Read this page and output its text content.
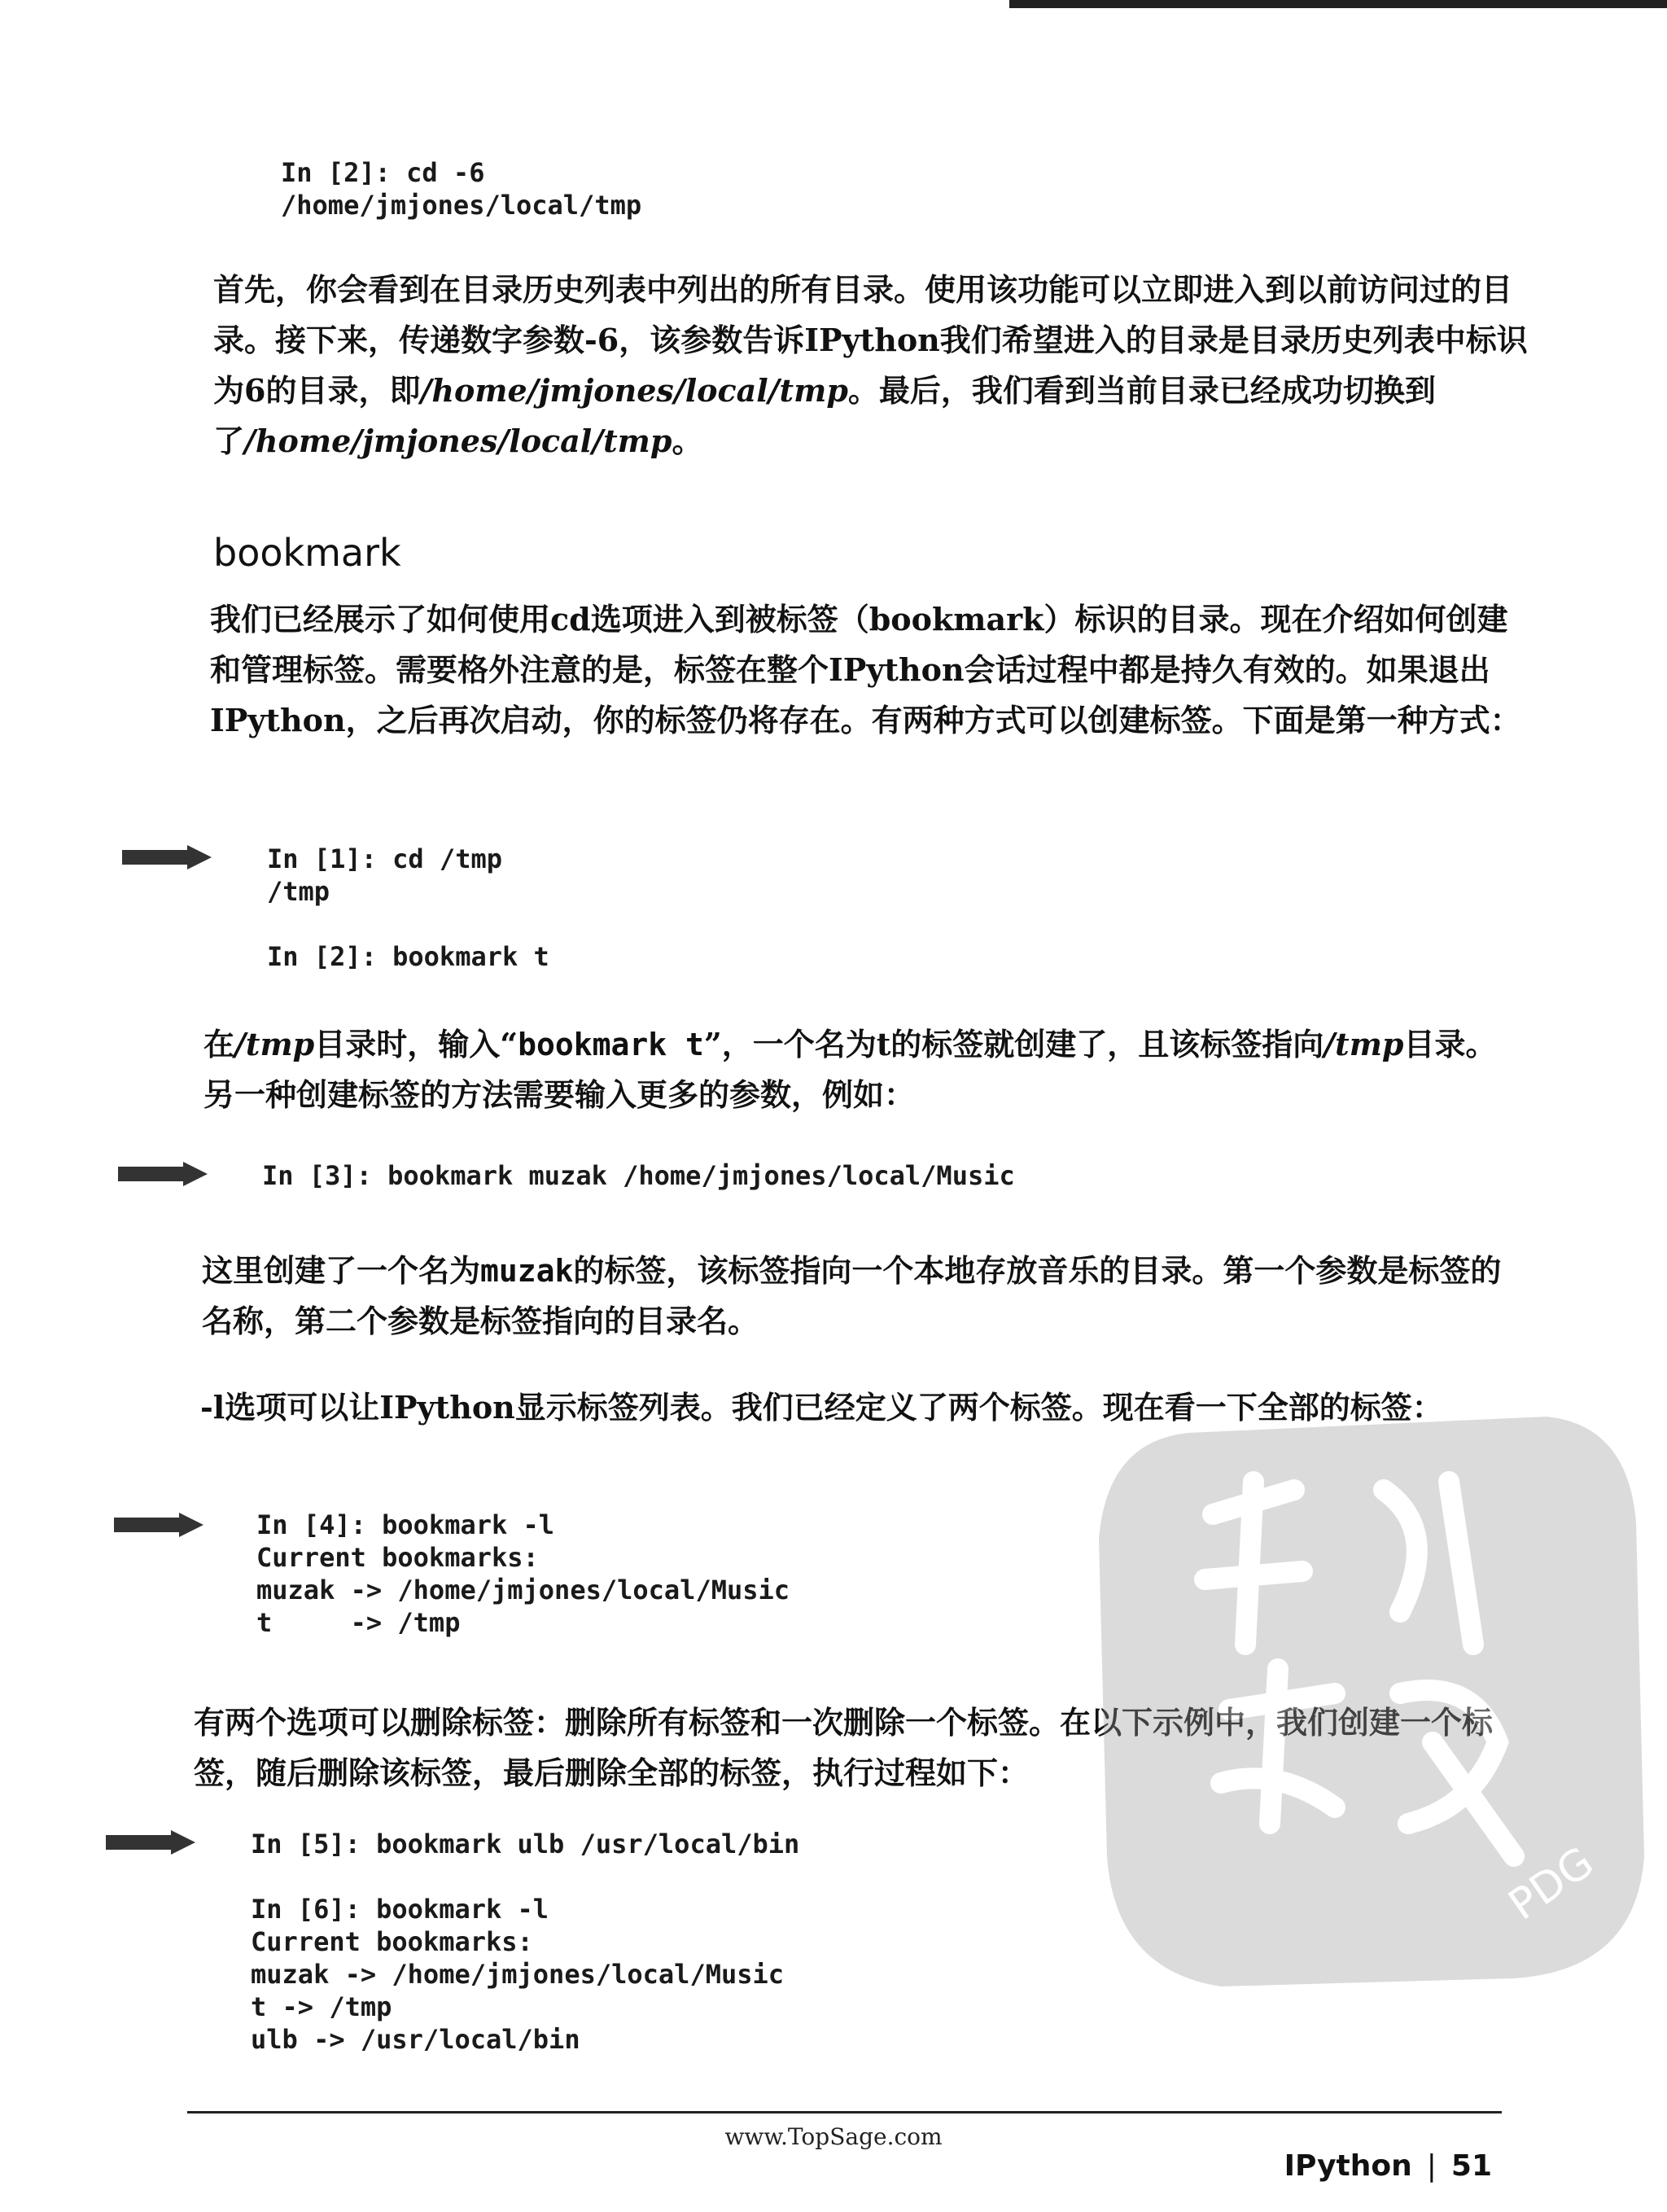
In [2]: cd -6
/home/jmjones/local/tmp

首先，你会看到在目录历史列表中列出的所有目录。使用该功能可以立即进入到以前访问过的目录。接下来，传递数字参数-6，该参数告诉IPython我们希望进入的目录是目录历史列表中标识为6的目录，即/home/jmjones/local/tmp。最后，我们看到当前目录已经成功切换到了/home/jmjones/local/tmp。

bookmark

我们已经展示了如何使用cd选项进入到被标签（bookmark）标识的目录。现在介绍如何创建和管理标签。需要格外注意的是，标签在整个IPython会话过程中都是持久有效的。如果退出IPython，之后再次启动，你的标签仍将存在。有两种方式可以创建标签。下面是第一种方式：

In [1]: cd /tmp
/tmp

In [2]: bookmark t

在/tmp目录时，输入“bookmark t”，一个名为t的标签就创建了，且该标签指向/tmp目录。另一种创建标签的方法需要输入更多的参数，例如：

In [3]: bookmark muzak /home/jmjones/local/Music

这里创建了一个名为muzak的标签，该标签指向一个本地存放音乐的目录。第一个参数是标签的名称，第二个参数是标签指向的目录名。

-l选项可以让IPython显示标签列表。我们已经定义了两个标签。现在看一下全部的标签：

In [4]: bookmark -l
Current bookmarks:
muzak -> /home/jmjones/local/Music
t     -> /tmp

有两个选项可以删除标签：删除所有标签和一次删除一个标签。在以下示例中，我们创建一个标签，随后删除该标签，最后删除全部的标签，执行过程如下：

In [5]: bookmark ulb /usr/local/bin

In [6]: bookmark -l
Current bookmarks:
muzak -> /home/jmjones/local/Music
t -> /tmp
ulb -> /usr/local/bin
PDG
www.TopSage.com
IPython | 51
